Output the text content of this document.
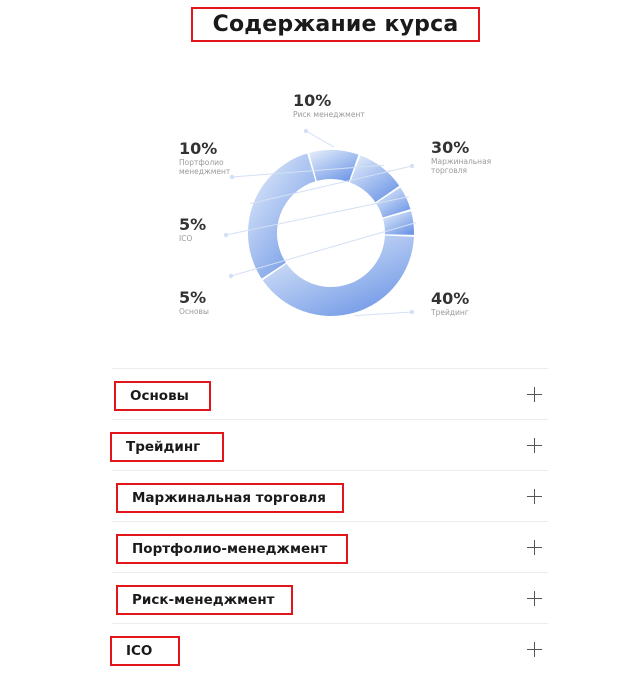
Содержание курса
40%
Трейдинг
30%
Маржинальная
торговля
10%
Риск менеджмент
10%
Портфолио
менеджмент
5%
ICO
5%
Основы
Основы
Трейдинг
Маржинальная торговля
Портфолио-менеджмент
Риск-менеджмент
ICO
